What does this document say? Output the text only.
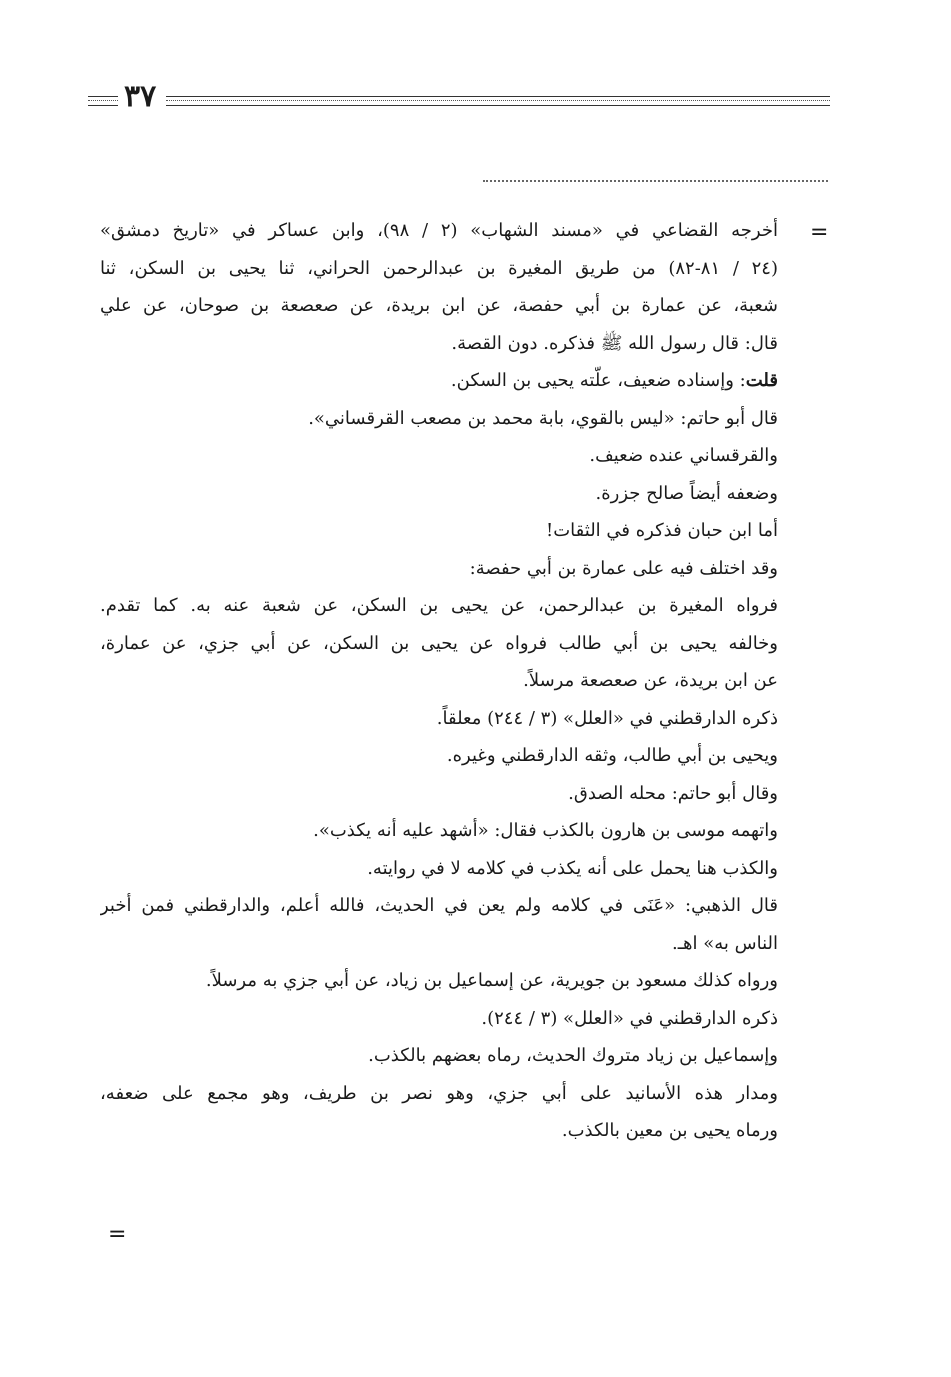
٣٧
=
أخرجه القضاعي في «مسند الشهاب» (٢ / ٩٨)، وابن عساكر في «تاريخ دمشق»
(٢٤ / ٨١-٨٢) من طريق المغيرة بن عبدالرحمن الحراني، ثنا يحيى بن السكن، ثنا
شعبة، عن عمارة بن أبي حفصة، عن ابن بريدة، عن صعصعة بن صوحان، عن علي
قال: قال رسول الله ﷺ فذكره. دون القصة.
قلت: وإسناده ضعيف، علّته يحيى بن السكن.
قال أبو حاتم: «ليس بالقوي، بابة محمد بن مصعب القرقساني».
والقرقساني عنده ضعيف.
وضعفه أيضاً صالح جزرة.
أما ابن حبان فذكره في الثقات!
وقد اختلف فيه على عمارة بن أبي حفصة:
فرواه المغيرة بن عبدالرحمن، عن يحيى بن السكن، عن شعبة عنه به. كما تقدم.
وخالفه يحيى بن أبي طالب فرواه عن يحيى بن السكن، عن أبي جزي، عن عمارة،
عن ابن بريدة، عن صعصعة مرسلاً.
ذكره الدارقطني في «العلل» (٣ / ٢٤٤) معلقاً.
ويحيى بن أبي طالب، وثقه الدارقطني وغيره.
وقال أبو حاتم: محله الصدق.
واتهمه موسى بن هارون بالكذب فقال: «أشهد عليه أنه يكذب».
والكذب هنا يحمل على أنه يكذب في كلامه لا في روايته.
قال الذهبي: «عَنَى في كلامه ولم يعن في الحديث، فالله أعلم، والدارقطني فمن أخبر
الناس به» اهـ.
ورواه كذلك مسعود بن جويرية، عن إسماعيل بن زياد، عن أبي جزي به مرسلاً.
ذكره الدارقطني في «العلل» (٣ / ٢٤٤).
وإسماعيل بن زياد متروك الحديث، رماه بعضهم بالكذب.
ومدار هذه الأسانيد على أبي جزي، وهو نصر بن طريف، وهو مجمع على ضعفه،
ورماه يحيى بن معين بالكذب.
=
